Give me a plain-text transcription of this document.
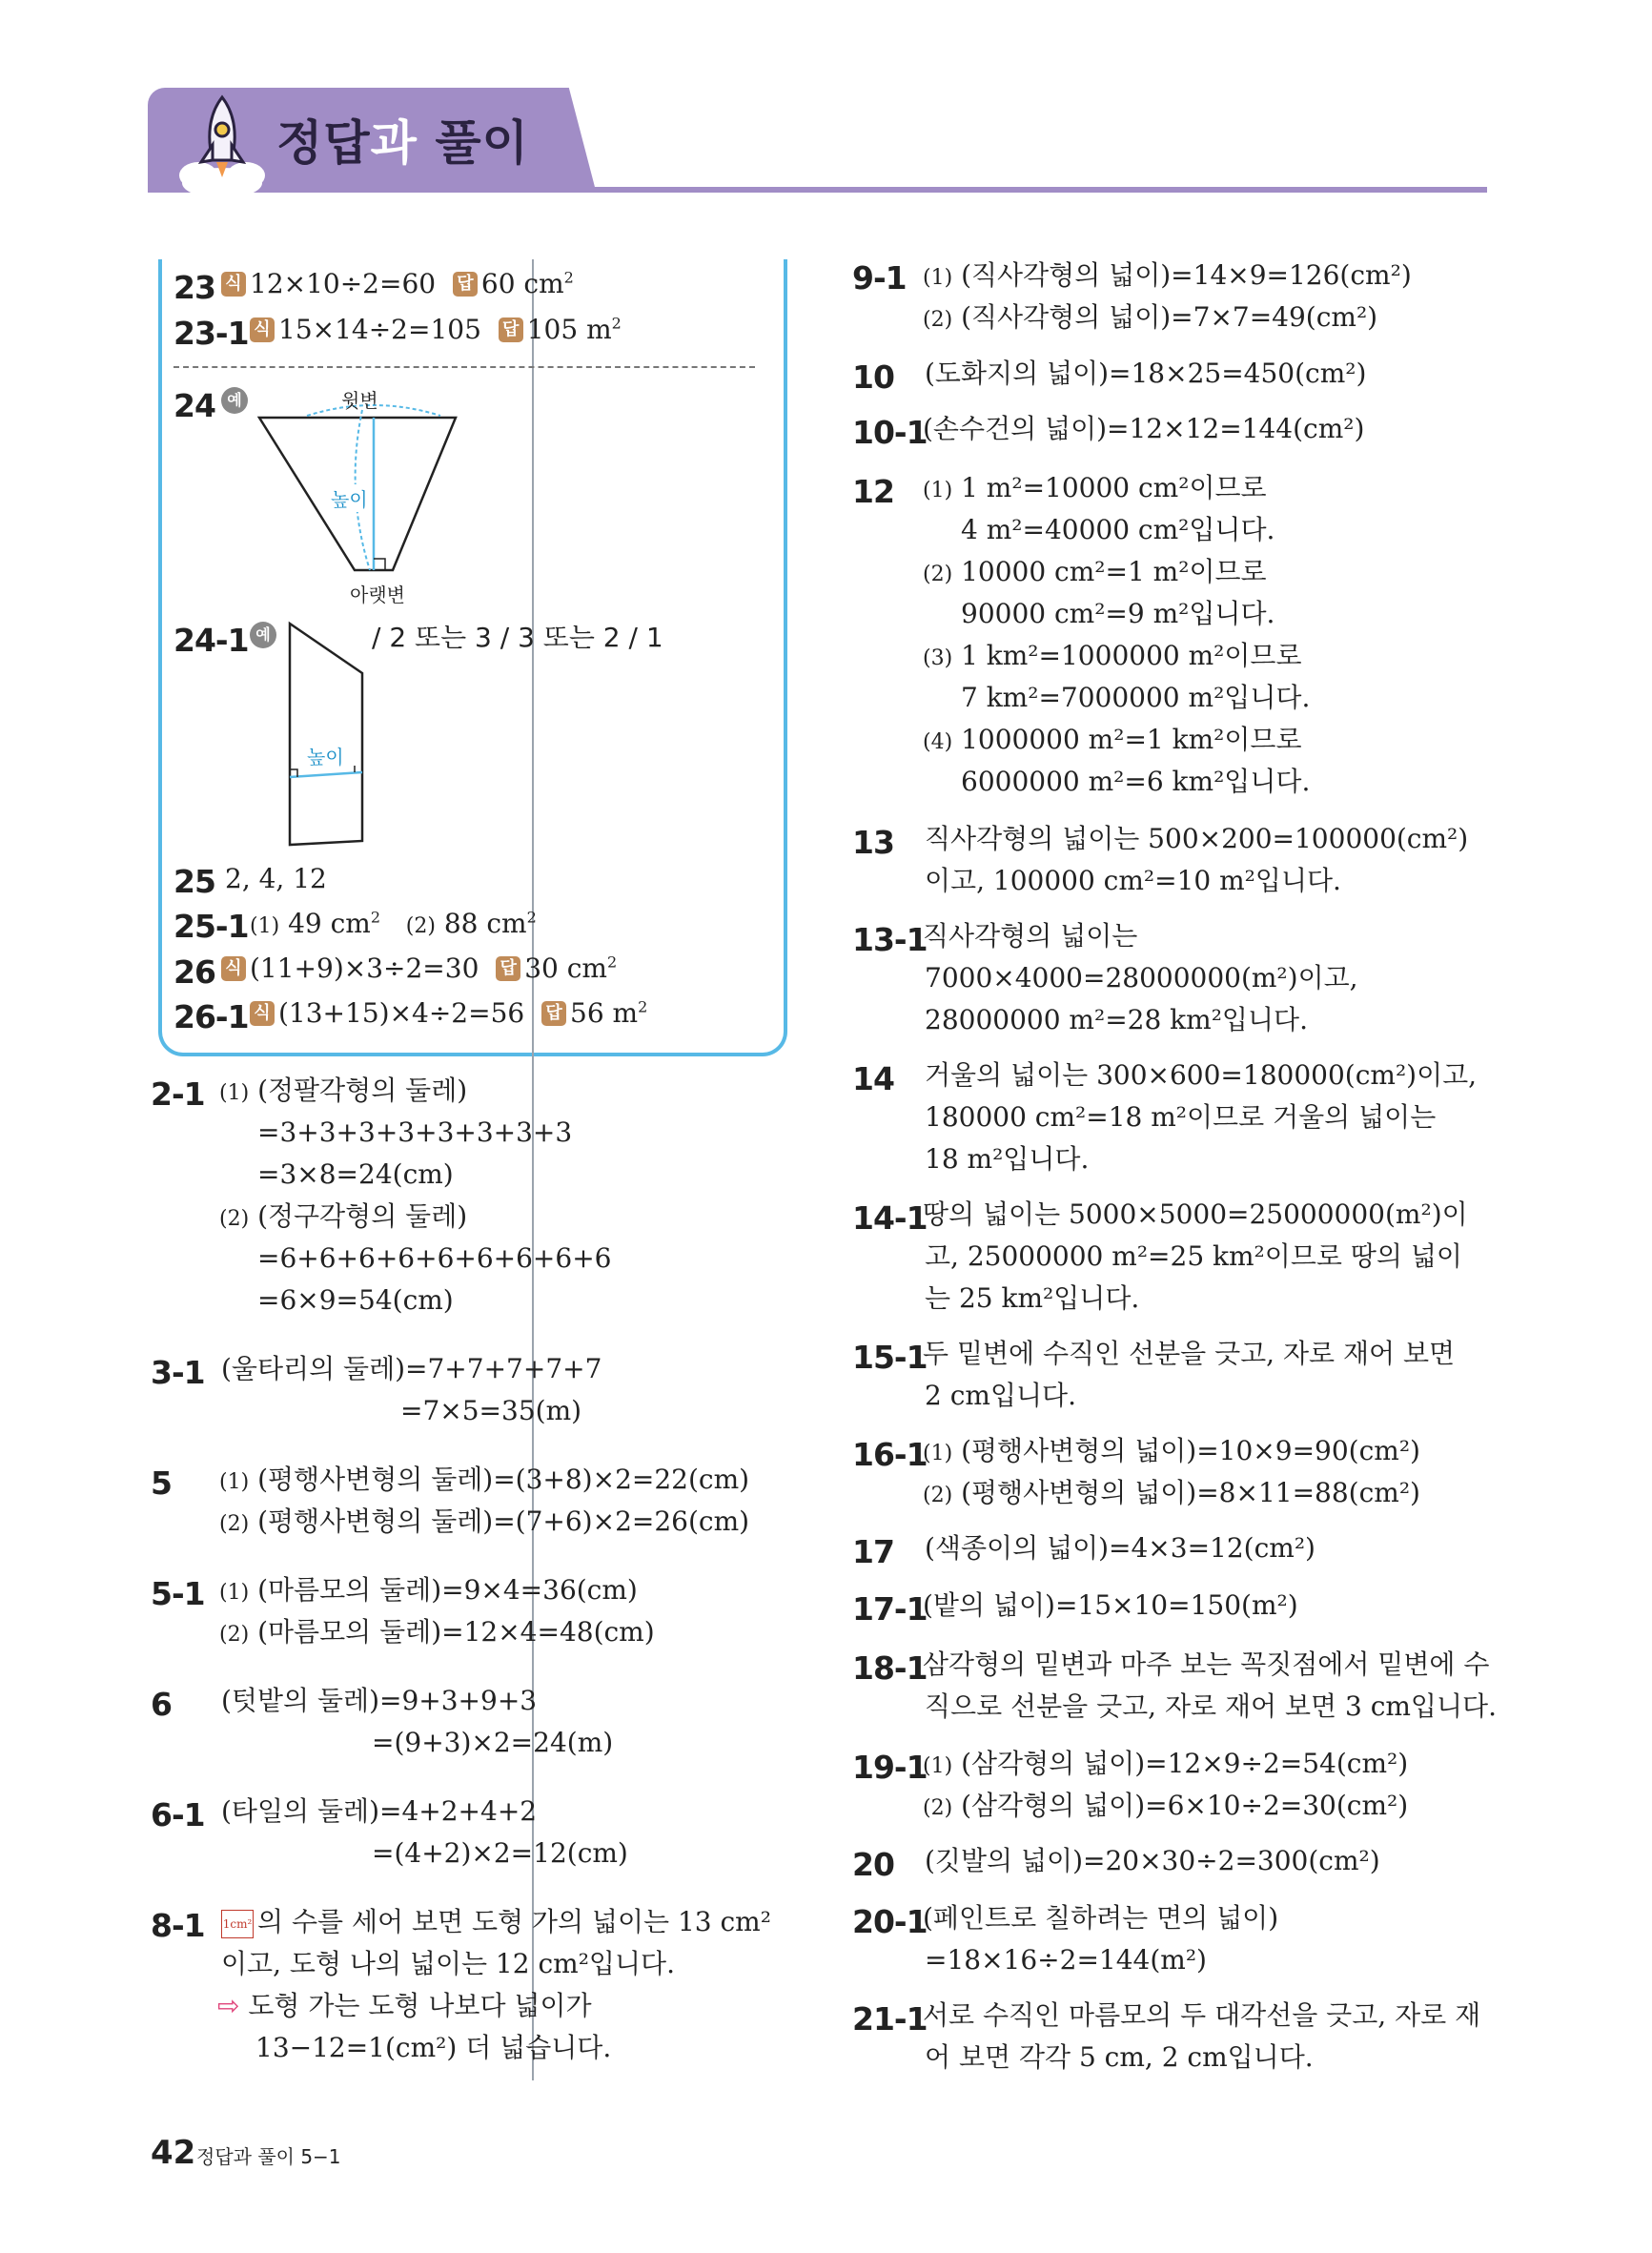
정답과 풀이
23 식 12×10÷2=60 답 60 $cm^2$
23-1 식 15×14÷2=105 답 105 $m^2$
24 예	윗변
높이
아랫변
24-1 예
높이
/ 2 또는 3 / 3 또는 2 / 1
25 2, 4, 12
25-1 (1) 49 $cm^2$ (2) 88 $cm^2$
26 식 (11+9)×3÷2=30 답 30 $cm^2$
26-1 식 (13+15)×4÷2=56 답 56 $m^2$
2-1 (1) (정팔각형의 둘레)
=3+3+3+3+3+3+3+3
=3×8=24(cm)
(2) (정구각형의 둘레)
=6+6+6+6+6+6+6+6+6
=6×9=54(cm)
3-1 (울타리의 둘레)=7+7+7+7+7
=7×5=35(m)
5 (1) (평행사변형의 둘레)=(3+8)×2=22(cm)
(2) (평행사변형의 둘레)=(7+6)×2=26(cm)
5-1 (1) (마름모의 둘레)=9×4=36(cm)
(2) (마름모의 둘레)=12×4=48(cm)
6 (텃밭의 둘레)=9+3+9+3
=(9+3)×2=24(m)
6-1 (타일의 둘레)=4+2+4+2
=(4+2)×2=12(cm)
8-1 1cm² 의 수를 세어 보면 도형 가의 넓이는 13 cm²
이고, 도형 나의 넓이는 12 cm²입니다.
⇨ 도형 가는 도형 나보다 넓이가
13−12=1(cm²) 더 넓습니다.
9-1 (1) (직사각형의 넓이)=14×9=126(cm²)
(2) (직사각형의 넓이)=7×7=49(cm²)
10 (도화지의 넓이)=18×25=450(cm²)
10-1
(손수건의 넓이)=12×12=144(cm²)
12 (1) 1 m²=10000 cm²이므로
4 m²=40000 cm²입니다.
(2) 10000 cm²=1 m²이므로
90000 cm²=9 m²입니다.
(3) 1 km²=1000000 m²이므로
7 km²=7000000 m²입니다.
(4) 1000000 m²=1 km²이므로
6000000 m²=6 km²입니다.
13 직사각형의 넓이는 500×200=100000(cm²)
이고, 100000 cm²=10 m²입니다.
13-1
직사각형의 넓이는
7000×4000=28000000(m²)이고,
28000000 m²=28 km²입니다.
14 거울의 넓이는 300×600=180000(cm²)이고,
180000 cm²=18 m²이므로 거울의 넓이는
18 m²입니다.
14-1
땅의 넓이는 5000×5000=25000000(m²)이
고, 25000000 m²=25 km²이므로 땅의 넓이
는 25 km²입니다.
15-1
두 밑변에 수직인 선분을 긋고, 자로 재어 보면
2 cm입니다.
16-1
(1) (평행사변형의 넓이)=10×9=90(cm²)
(2) (평행사변형의 넓이)=8×11=88(cm²)
17 (색종이의 넓이)=4×3=12(cm²)
17-1
(밭의 넓이)=15×10=150(m²)
18-1
삼각형의 밑변과 마주 보는 꼭짓점에서 밑변에 수
직으로 선분을 긋고, 자로 재어 보면 3 cm입니다.
19-1
(1) (삼각형의 넓이)=12×9÷2=54(cm²)
(2) (삼각형의 넓이)=6×10÷2=30(cm²)
20 (깃발의 넓이)=20×30÷2=300(cm²)
20-1
(페인트로 칠하려는 면의 넓이)
=18×16÷2=144(m²)
21-1
서로 수직인 마름모의 두 대각선을 긋고, 자로 재
어 보면 각각 5 cm, 2 cm입니다.
42 정답과 풀이 5−1
